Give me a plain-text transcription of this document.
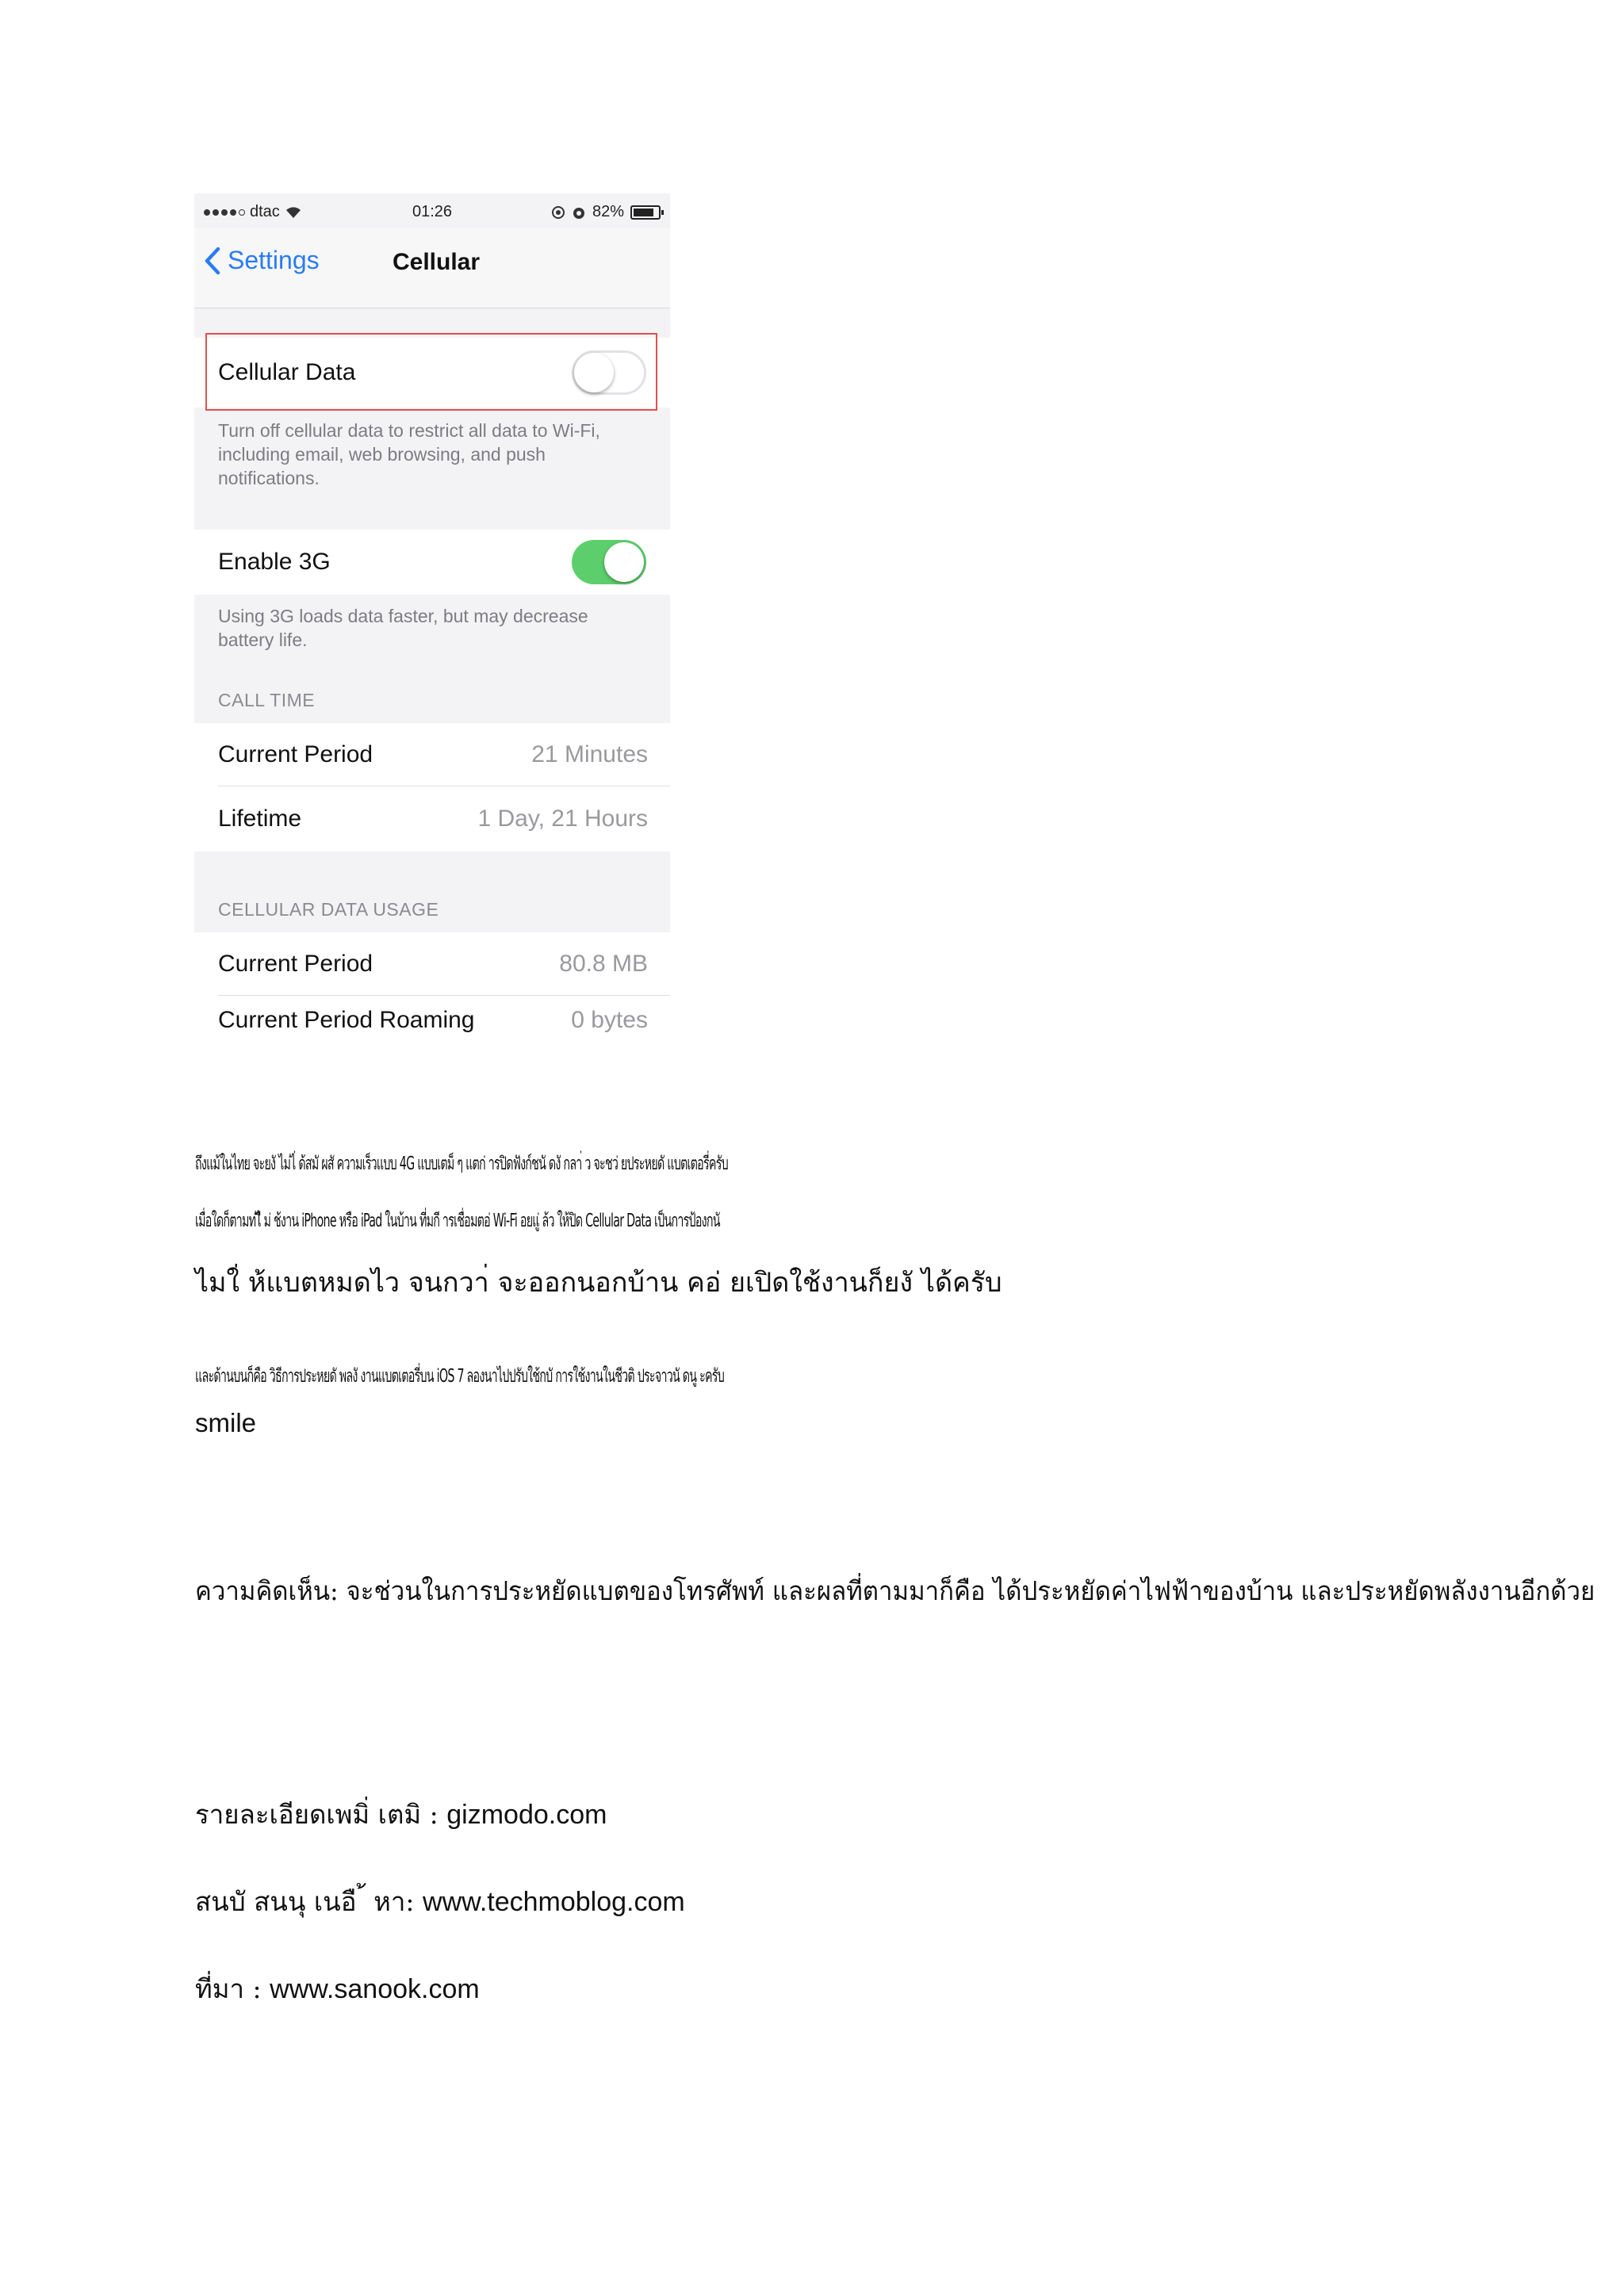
dtac	01:26	82%
Settings	Cellular
Cellular Data
Turn off cellular data to restrict all data to Wi-Fi, including email, web browsing, and push notifications.
Enable 3G
Using 3G loads data faster, but may decrease battery life.
CALL TIME
Current Period	21 Minutes
Lifetime	1 Day, 21 Hours
CELLULAR DATA USAGE
Current Period	80.8 MB
Current Period Roaming	0 bytes
ถึงแม้ในไทย จะยงั ไม่ไ่ ด้สมั ผสั ความเร็วแบบ 4G แบบเตม็ ๆ แตก่ ารปิดฟังก์ชนั ดงั กลา่ ว จะชว่ ยประหยดั แบตเตอรี่ครับ
เมื่อใดก็ตามท่ไี ม่ ช้งาน iPhone หรือ iPad ในบ้าน ที่มกี ารเชื่อมตอ่ Wi-Fi อยแู่ ล้ว ให้ปิด Cellular Data เป็นการป้องกนั
ไมใ่ ห้แบตหมดไว จนกวา่ จะออกนอกบ้าน คอ่ ยเปิดใช้งานก็ยงั ได้ครับ
และด้านบนก็คือ วิธีการประหยดั พลงั งานแบตเตอรี่บน iOS 7 ลองนาไปปรับใช้กบั การใช้งานในชีวติ ประจาวนั ดนู ะครับ
smile
ความคิดเห็น: จะช่วนในการประหยัดแบตของโทรศัพท์ และผลที่ตามมาก็คือ ได้ประหยัดค่าไฟฟ้าของบ้าน และประหยัดพลังงานอีกด้วย
รายละเอียดเพมิ่ เตมิ : gizmodo.com
สนบั สนนุ เนอื ้ หา: www.techmoblog.com
ที่มา : www.sanook.com
